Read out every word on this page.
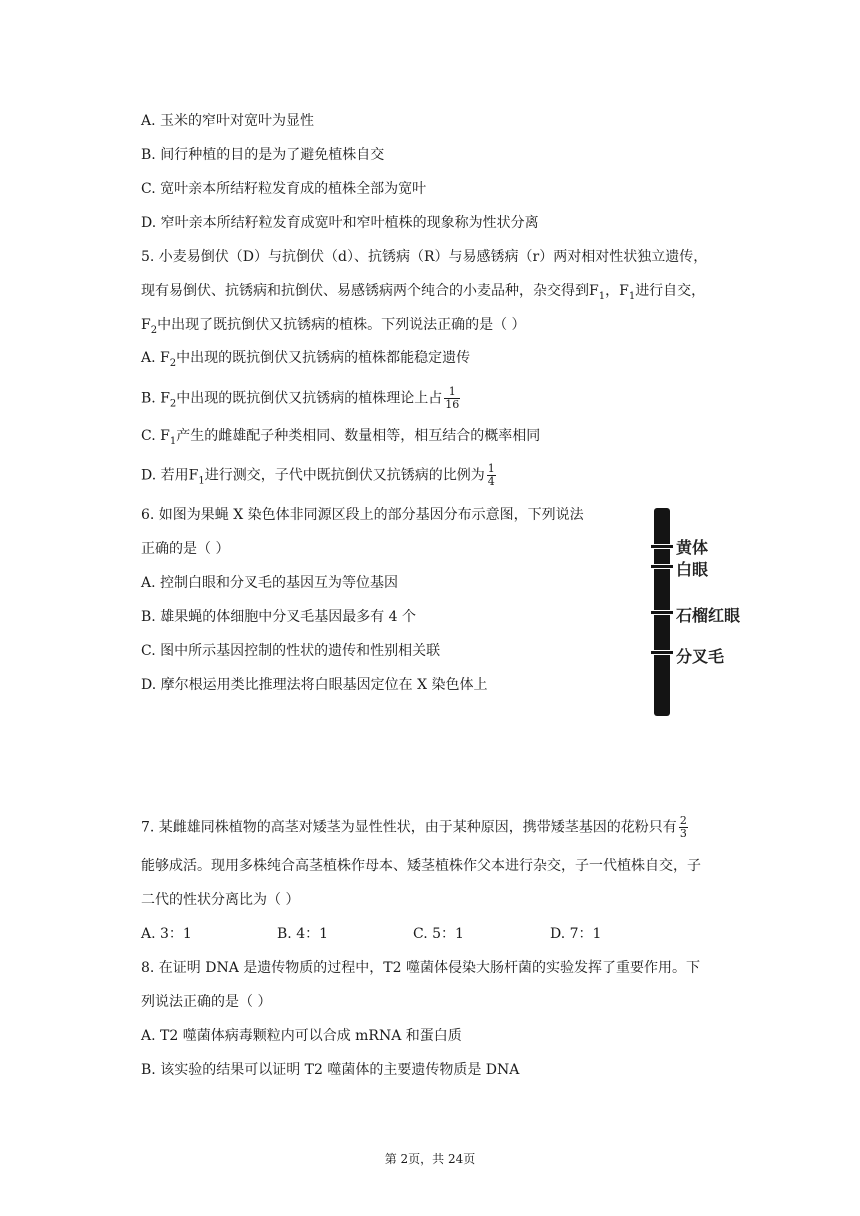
A. 玉米的窄叶对宽叶为显性
B. 间行种植的目的是为了避免植株自交
C. 宽叶亲本所结籽粒发育成的植株全部为宽叶
D. 窄叶亲本所结籽粒发育成宽叶和窄叶植株的现象称为性状分离
5. 小麦易倒伏（D）与抗倒伏（d）、抗锈病（R）与易感锈病（r）两对相对性状独立遗传，
现有易倒伏、抗锈病和抗倒伏、易感锈病两个纯合的小麦品种，杂交得到$F_1$，$F_1$进行自交，
$F_2$中出现了既抗倒伏又抗锈病的植株。下列说法正确的是（ ）
A. $F_2$中出现的既抗倒伏又抗锈病的植株都能稳定遗传
B. $F_2$中出现的既抗倒伏又抗锈病的植株理论上占 $\frac{1}{16}$
C. $F_1$产生的雌雄配子种类相同、数量相等，相互结合的概率相同
D. 若用$F_1$进行测交，子代中既抗倒伏又抗锈病的比例为 $\frac{1}{4}$
6. 如图为果蝇 X 染色体非同源区段上的部分基因分布示意图，下列说法
正确的是（ ）
A. 控制白眼和分叉毛的基因互为等位基因
B. 雄果蝇的体细胞中分叉毛基因最多有 4 个
C. 图中所示基因控制的性状的遗传和性别相关联
D. 摩尔根运用类比推理法将白眼基因定位在 X 染色体上
黄体
白眼
石榴红眼
分叉毛
7. 某雌雄同株植物的高茎对矮茎为显性性状，由于某种原因，携带矮茎基因的花粉只有 $\frac{2}{3}$
能够成活。现用多株纯合高茎植株作母本、矮茎植株作父本进行杂交，子一代植株自交，子
二代的性状分离比为（ ）
A. 3：1	B. 4：1	C. 5：1	D. 7：1
8. 在证明 DNA 是遗传物质的过程中，T2 噬菌体侵染大肠杆菌的实验发挥了重要作用。下
列说法正确的是（ ）
A. T2 噬菌体病毒颗粒内可以合成 mRNA 和蛋白质
B. 该实验的结果可以证明 T2 噬菌体的主要遗传物质是 DNA
第 2页，共 24页
